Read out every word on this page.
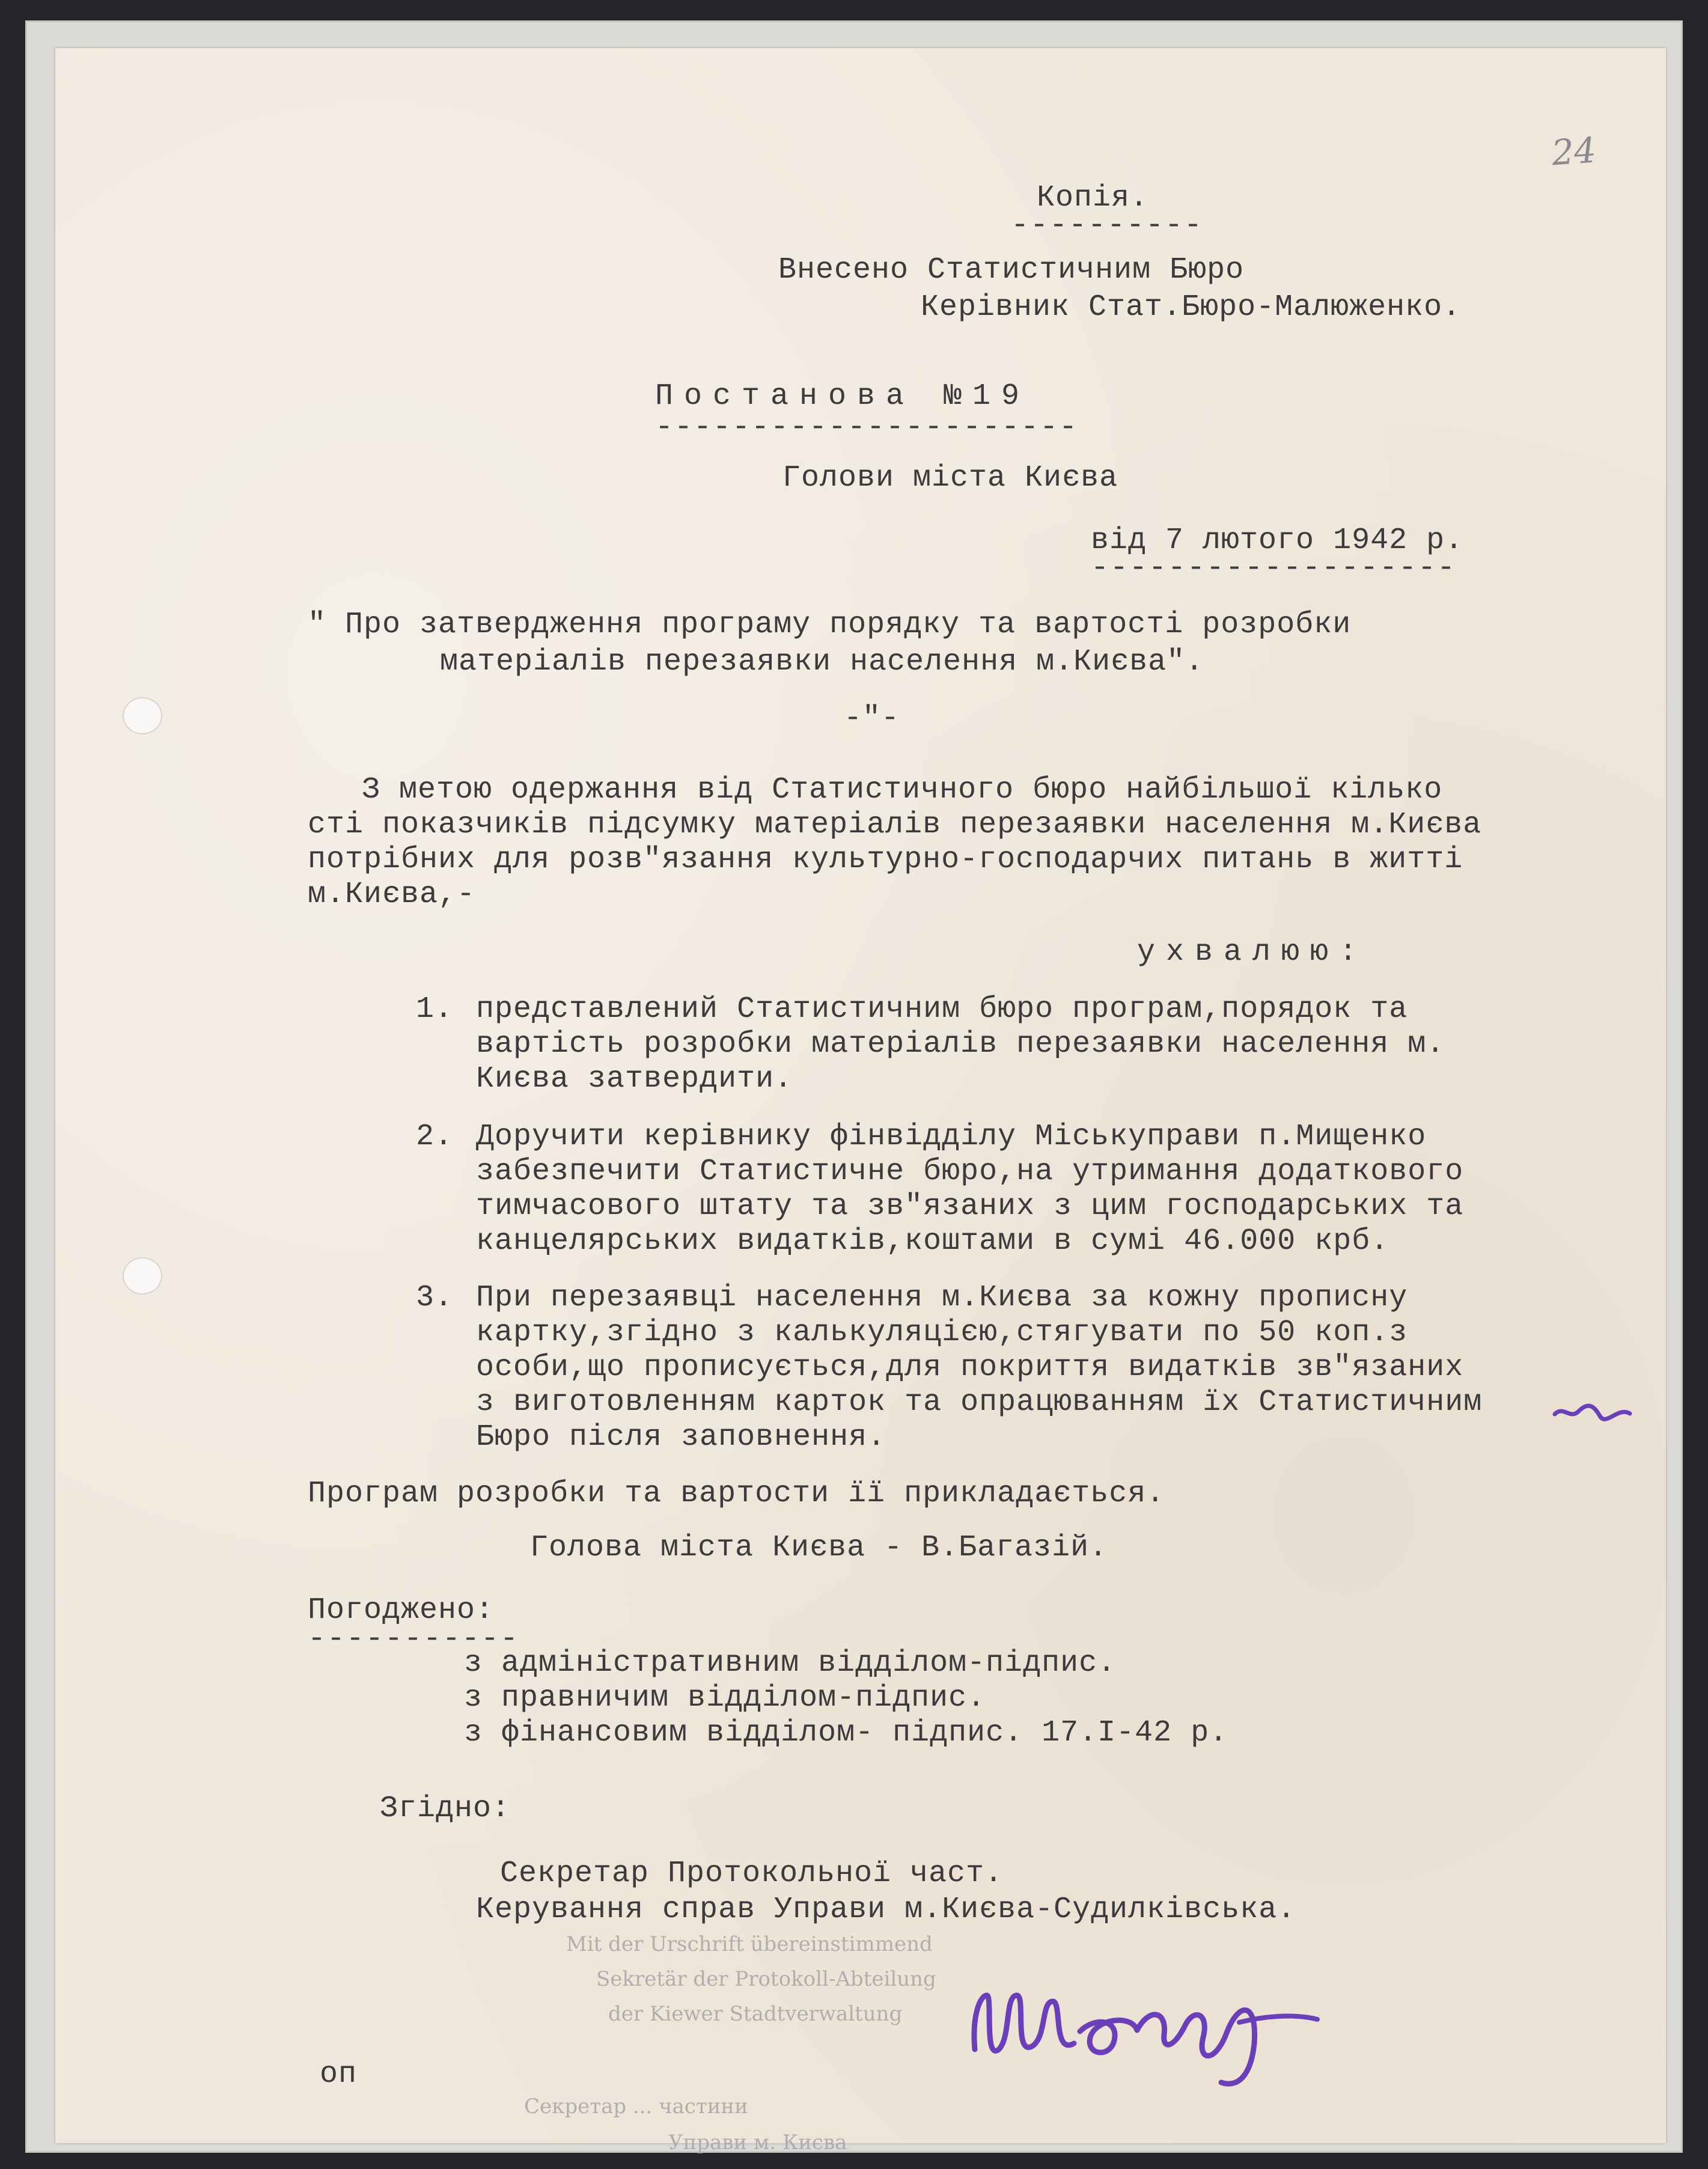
24

Копія.

----------

Внесено Статистичним Бюро

Керівник Стат.Бюро-Малюженко.

Постанова №19

----------------------

Голови міста Києва

від 7 лютого 1942 р.

-------------------

" Про затвердження програму порядку та вартості розробки

матеріалів перезаявки населення м.Києва".

-"-

З метою одержання від Статистичного бюро найбільшої кілько

сті показчиків підсумку матеріалів перезаявки населення м.Києва

потрібних для розв"язання культурно-господарчих питань в житті

м.Києва,-

ухвалюю:

1. представлений Статистичним бюро програм,порядок та

вартість розробки матеріалів перезаявки населення м.

Києва затвердити.

2. Доручити керівнику фінвідділу Міськуправи п.Мищенко

забезпечити Статистичне бюро,на утримання додаткового

тимчасового штату та зв"язаних з цим господарських та

канцелярських видатків,коштами в сумі 46.000 крб.

3. При перезаявці населення м.Києва за кожну прописну

картку,згідно з калькуляцією,стягувати по 50 коп.з

особи,що прописується,для покриття видатків зв"язаних

з виготовленням карток та опрацюванням їх Статистичним

Бюро після заповнення.

Програм розробки та вартости її прикладається.

Голова міста Києва - В.Багазій.

Погоджено:

-----------

з адміністративним відділом-підпис.

з правничим відділом-підпис.

з фінансовим відділом- підпис. 17.I-42 р.

Згідно:

Секретар Протокольної част.

Керування справ Управи м.Києва-Судилківська.

Mit der Urschrift übereinstimmend

Sekretär der Protokoll-Abteilung

der Kiewer Stadtverwaltung

Секретар ... частини

Управи м. Києва

оп
